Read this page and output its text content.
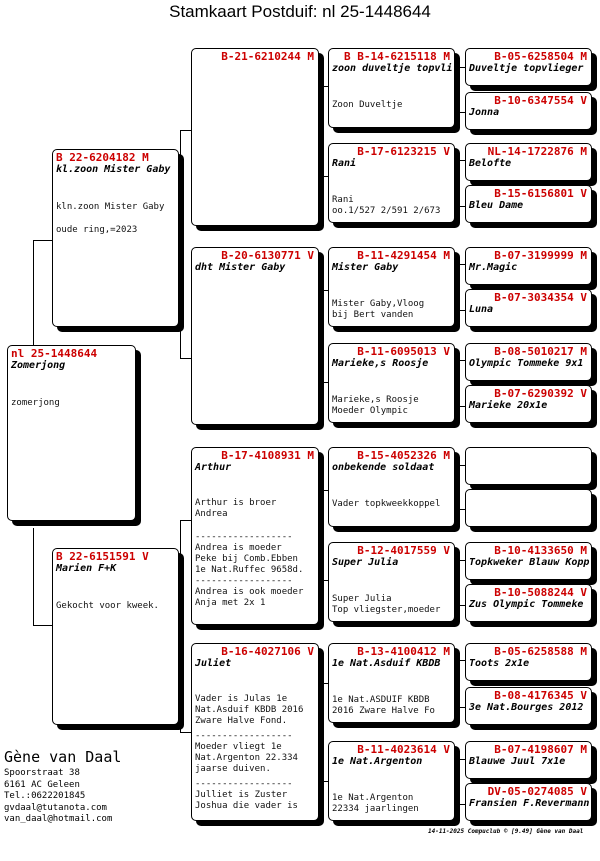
Stamkaart Postduif: nl 25-1448644
nl 25-1448644
Zomerjong
zomerjong
B 22-6204182 M
kl.zoon Mister Gaby
kln.zoon Mister Gaby
oude ring,=2023
B 22-6151591 V
Marien F+K
Gekocht voor kweek.
B-21-6210244 M
B-20-6130771 V
dht Mister Gaby
B-17-4108931 M
Arthur
Arthur is broer
Andrea
------------------
Andrea is moeder
Peke bij Comb.Ebben
1e Nat.Ruffec 9658d.
------------------
Andrea is ook moeder
Anja met 2x 1
B-16-4027106 V
Juliet
Vader is Julas 1e
Nat.Asduif KBDB 2016
Zware Halve Fond.
------------------
Moeder vliegt 1e
Nat.Argenton 22.334
jaarse duiven.
------------------
Julliet is Zuster
Joshua die vader is
B B-14-6215118 M
zoon duveltje topvli
Zoon Duveltje
B-17-6123215 V
Rani
Rani
oo.1/527 2/591 2/673
B-11-4291454 M
Mister Gaby
Mister Gaby,Vloog
bij Bert vanden
B-11-6095013 V
Marieke,s Roosje
Marieke,s Roosje
Moeder Olympic
B-15-4052326 M
onbekende soldaat
Vader topkweekkoppel
B-12-4017559 V
Super Julia
Super Julia
Top vliegster,moeder
B-13-4100412 M
1e Nat.Asduif KBDB
1e Nat.ASDUIF KBDB
2016 Zware Halve Fo
B-11-4023614 V
1e Nat.Argenton
1e Nat.Argenton
22334 jaarlingen
B-05-6258504 M
Duveltje topvlieger
B-10-6347554 V
Jonna
NL-14-1722876 M
Belofte
B-15-6156801 V
Bleu Dame
B-07-3199999 M
Mr.Magic
B-07-3034354 V
Luna
B-08-5010217 M
Olympic Tommeke 9x1
B-07-6290392 V
Marieke 20x1e
B-10-4133650 M
Topkweker Blauw Kopp
B-10-5088244 V
Zus Olympic Tommeke
B-05-6258588 M
Toots 2x1e
B-08-4176345 V
3e Nat.Bourges 2012
B-07-4198607 M
Blauwe Juul 7x1e
DV-05-0274085 V
Fransien F.Revermann
Gène van Daal
Spoorstraat 38
6161 AC Geleen
Tel.:0622201845
gvdaal@tutanota.com
van_daal@hotmail.com
14-11-2025 Compuclub © [9.49] Gène van Daal
